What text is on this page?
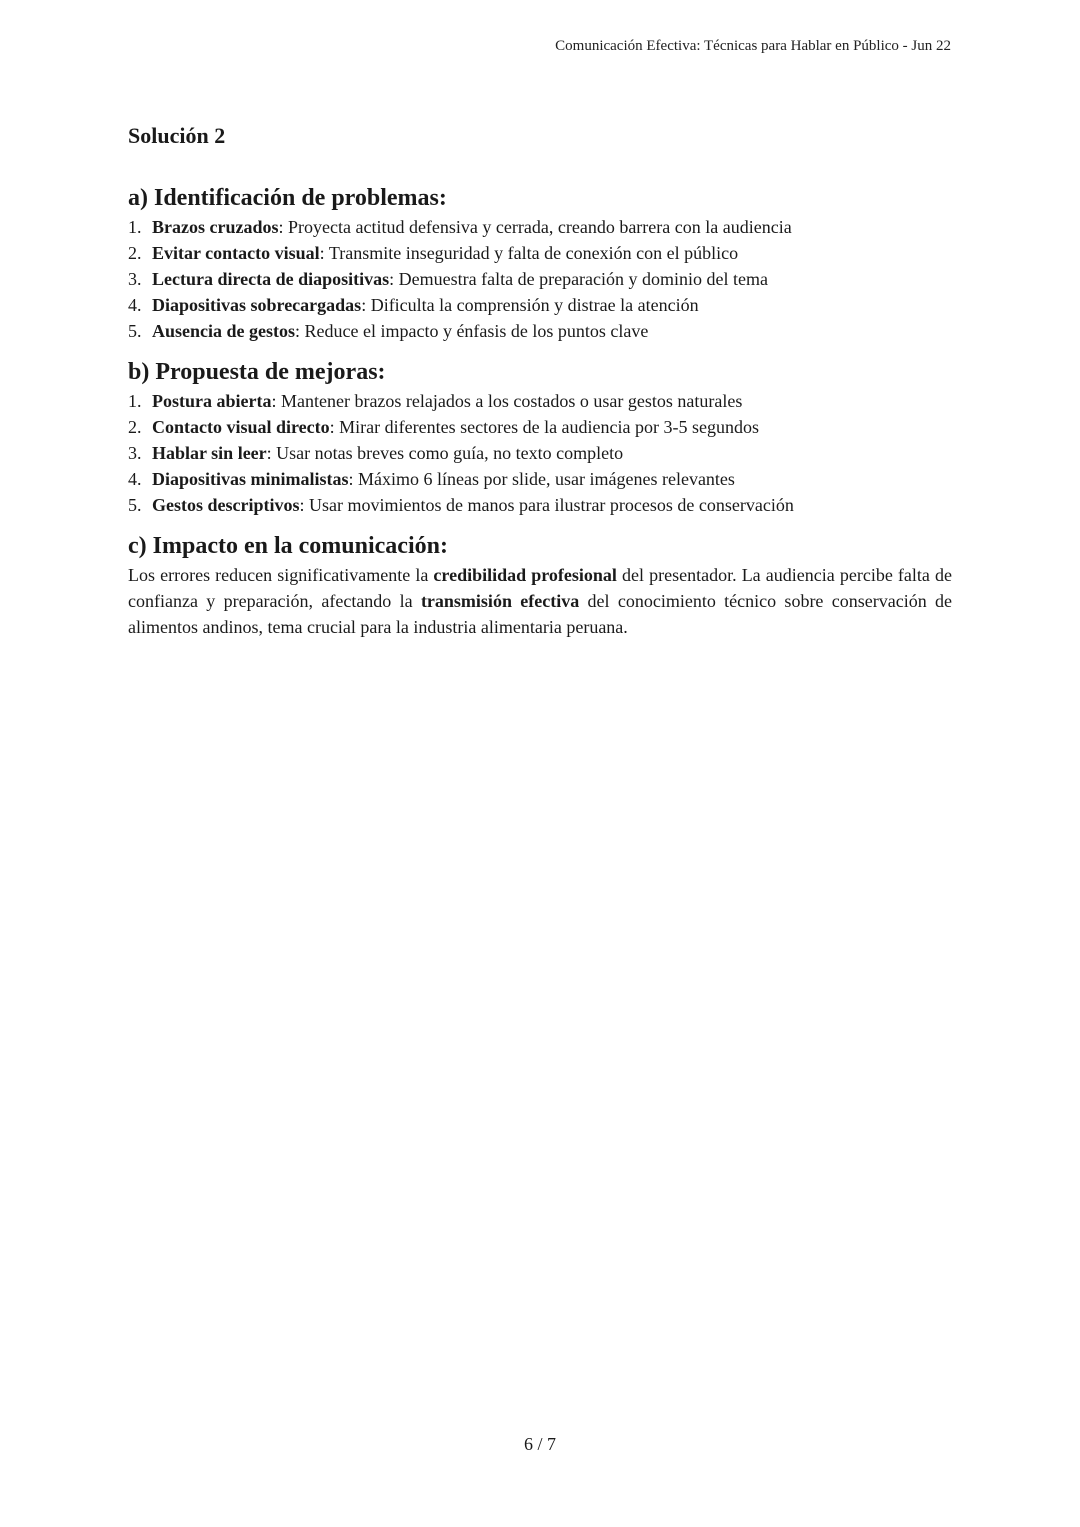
Comunicación Efectiva: Técnicas para Hablar en Público - Jun 22
Solución 2
a) Identificación de problemas:
1. Brazos cruzados: Proyecta actitud defensiva y cerrada, creando barrera con la audiencia
2. Evitar contacto visual: Transmite inseguridad y falta de conexión con el público
3. Lectura directa de diapositivas: Demuestra falta de preparación y dominio del tema
4. Diapositivas sobrecargadas: Dificulta la comprensión y distrae la atención
5. Ausencia de gestos: Reduce el impacto y énfasis de los puntos clave
b) Propuesta de mejoras:
1. Postura abierta: Mantener brazos relajados a los costados o usar gestos naturales
2. Contacto visual directo: Mirar diferentes sectores de la audiencia por 3-5 segundos
3. Hablar sin leer: Usar notas breves como guía, no texto completo
4. Diapositivas minimalistas: Máximo 6 líneas por slide, usar imágenes relevantes
5. Gestos descriptivos: Usar movimientos de manos para ilustrar procesos de conservación
c) Impacto en la comunicación:

Los errores reducen significativamente la credibilidad profesional del presentador. La audiencia percibe falta de confianza y preparación, afectando la transmisión efectiva del conocimiento técnico sobre conservación de alimentos andinos, tema crucial para la industria alimentaria peruana.

6 / 7
